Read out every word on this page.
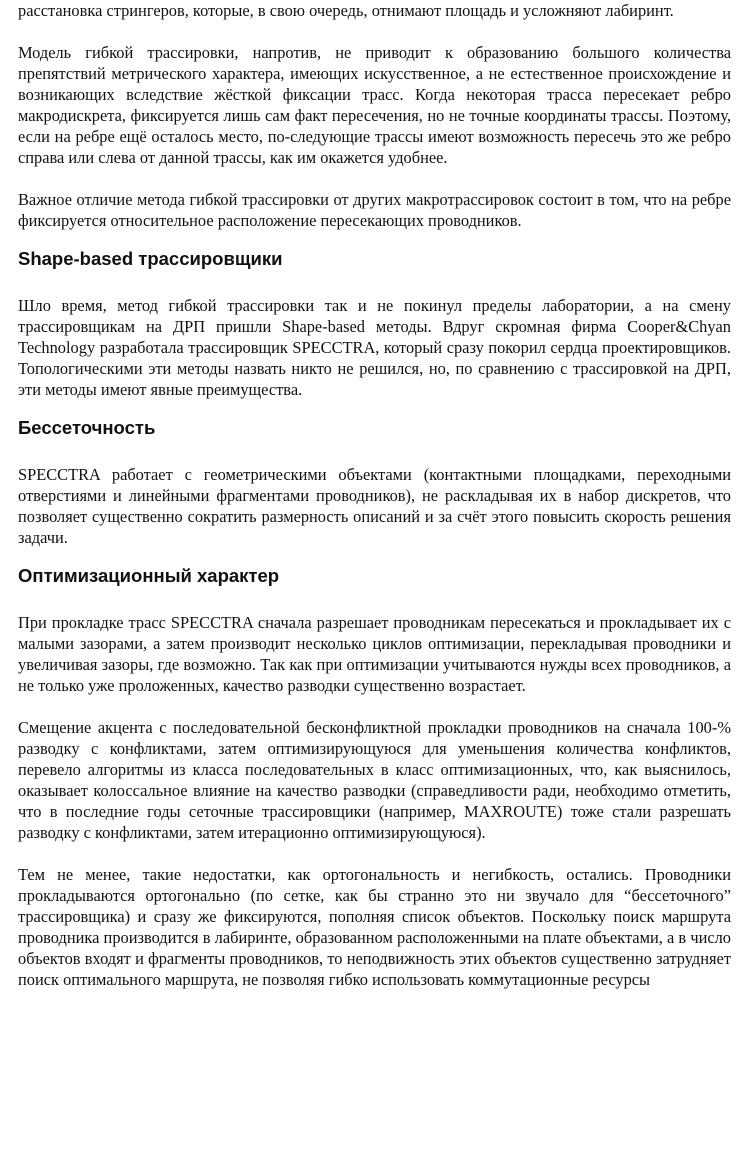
расстановка стрингеров, которые, в свою очередь, отнимают площадь и усложняют лабиринт.

Модель гибкой трассировки, напротив, не приводит к образованию большого количества препятствий метрического характера, имеющих искусственное, а не естественное происхождение и возникающих вследствие жёсткой фиксации трасс. Когда некоторая трасса пересекает ребро макродискрета, фиксируется лишь сам факт пересечения, но не точные координаты трассы. Поэтому, если на ребре ещё осталось место, по-следующие трассы имеют возможность пересечь это же ребро справа или слева от данной трассы, как им окажется удобнее.

Важное отличие метода гибкой трассировки от других макротрассировок состоит в том, что на ребре фиксируется относительное расположение пересекающих проводников.

Shape-based трассировщики

Шло время, метод гибкой трассировки так и не покинул пределы лаборатории, а на смену трассировщикам на ДРП пришли Shape-based методы. Вдруг скромная фирма Cooper&Chyan Technology разработала трассировщик SPECCTRA, который сразу покорил сердца проектировщиков. Топологическими эти методы назвать никто не решился, но, по сравнению с трассировкой на ДРП, эти методы имеют явные преимущества.

Бессеточность

SPECCTRA работает с геометрическими объектами (контактными площадками, переходными отверстиями и линейными фрагментами проводников), не раскладывая их в набор дискретов, что позволяет существенно сократить размерность описаний и за счёт этого повысить скорость решения задачи.

Оптимизационный характер

При прокладке трасс SPECCTRA сначала разрешает проводникам пересекаться и прокладывает их с малыми зазорами, а затем производит несколько циклов оптимизации, перекладывая проводники и увеличивая зазоры, где возможно. Так как при оптимизации учитываются нужды всех проводников, а не только уже проложенных, качество разводки существенно возрастает.

Смещение акцента с последовательной бесконфликтной прокладки проводников на сначала 100-% разводку с конфликтами, затем оптимизирующуюся для уменьшения количества конфликтов, перевело алгоритмы из класса последовательных в класс оптимизационных, что, как выяснилось, оказывает колоссальное влияние на качество разводки (справедливости ради, необходимо отметить, что в последние годы сеточные трассировщики (например, MAXROUTE) тоже стали разрешать разводку с конфликтами, затем итерационно оптимизирующуюся).

Тем не менее, такие недостатки, как ортогональность и негибкость, остались. Проводники прокладываются ортогонально (по сетке, как бы странно это ни звучало для “бессеточного” трассировщика) и сразу же фиксируются, пополняя список объектов. Поскольку поиск маршрута проводника производится в лабиринте, образованном расположенными на плате объектами, а в число объектов входят и фрагменты проводников, то неподвижность этих объектов существенно затрудняет поиск оптимального маршрута, не позволяя гибко использовать коммутационные ресурсы
